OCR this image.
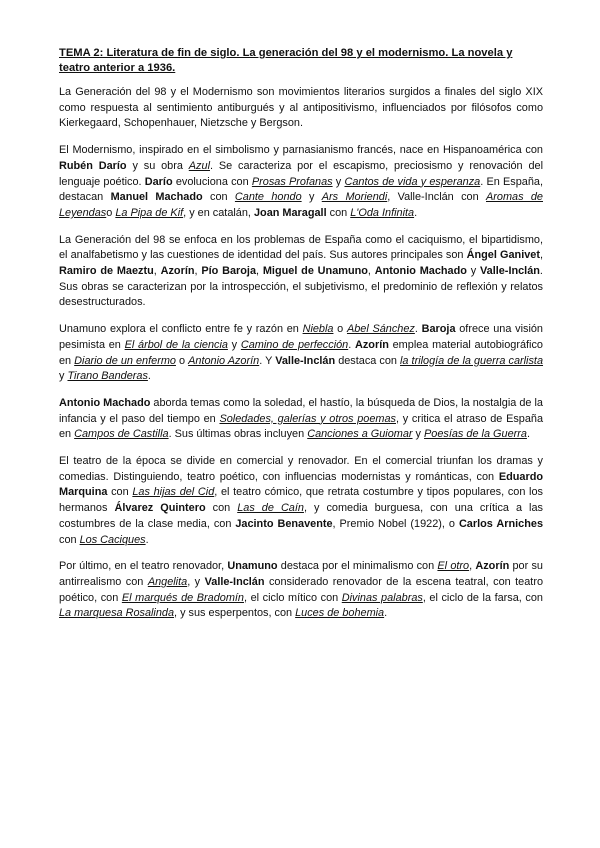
TEMA 2: Literatura de fin de siglo. La generación del 98 y el modernismo. La novela y teatro anterior a 1936.

La Generación del 98 y el Modernismo son movimientos literarios surgidos a finales del siglo XIX como respuesta al sentimiento antiburgués y al antipositivismo, influenciados por filósofos como Kierkegaard, Schopenhauer, Nietzsche y Bergson.

El Modernismo, inspirado en el simbolismo y parnasianismo francés, nace en Hispanoamérica con Rubén Darío y su obra Azul. Se caracteriza por el escapismo, preciosismo y renovación del lenguaje poético. Darío evoluciona con Prosas Profanas y Cantos de vida y esperanza. En España, destacan Manuel Machado con Cante hondo y Ars Moriendi, Valle-Inclán con Aromas de Leyendaso La Pipa de Kif, y en catalán, Joan Maragall con L'Oda Infinita.

La Generación del 98 se enfoca en los problemas de España como el caciquismo, el bipartidismo, el analfabetismo y las cuestiones de identidad del país. Sus autores principales son Ángel Ganivet, Ramiro de Maeztu, Azorín, Pío Baroja, Miguel de Unamuno, Antonio Machado y Valle-Inclán. Sus obras se caracterizan por la introspección, el subjetivismo, el predominio de reflexión y relatos desestructurados.

Unamuno explora el conflicto entre fe y razón en Niebla o Abel Sánchez. Baroja ofrece una visión pesimista en El árbol de la ciencia y Camino de perfección. Azorín emplea material autobiográfico en Diario de un enfermo o Antonio Azorín. Y Valle-Inclán destaca con la trilogía de la guerra carlista y Tirano Banderas.

Antonio Machado aborda temas como la soledad, el hastío, la búsqueda de Dios, la nostalgia de la infancia y el paso del tiempo en Soledades, galerías y otros poemas, y critica el atraso de España en Campos de Castilla. Sus últimas obras incluyen Canciones a Guiomar y Poesías de la Guerra.

El teatro de la época se divide en comercial y renovador. En el comercial triunfan los dramas y comedias. Distinguiendo, teatro poético, con influencias modernistas y románticas, con Eduardo Marquina con Las hijas del Cid, el teatro cómico, que retrata costumbre y tipos populares, con los hermanos Álvarez Quintero con Las de Caín, y comedia burguesa, con una crítica a las costumbres de la clase media, con Jacinto Benavente, Premio Nobel (1922), o Carlos Arniches con Los Caciques.

Por último, en el teatro renovador, Unamuno destaca por el minimalismo con El otro, Azorín por su antirrealismo con Angelita, y Valle-Inclán considerado renovador de la escena teatral, con teatro poético, con El marqués de Bradomín, el ciclo mítico con Divinas palabras, el ciclo de la farsa, con La marquesa Rosalinda, y sus esperpentos, con Luces de bohemia.
